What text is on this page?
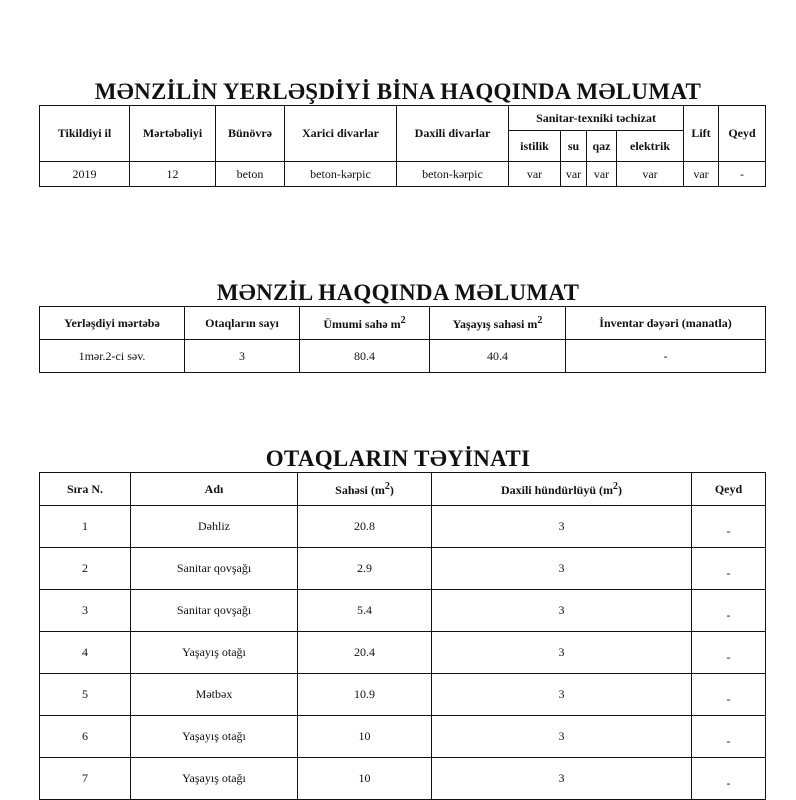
MƏNZİLİN YERLƏŞDİYİ BİNA HAQQINDA MƏLUMAT
Tikildiyi il	Mərtəbəliyi	Bünövrə	Xarici divarlar	Daxili divarlar	Sanitar-texniki təchizat				Lift	Qeyd
					istilik	su	qaz	elektrik		
2019	12	beton	beton-kərpic	beton-kərpic	var	var	var	var	var	-
MƏNZİL HAQQINDA MƏLUMAT
Yerləşdiyi mərtəbə	Otaqların sayı	Ümumi sahə $m^2$	Yaşayış sahəsi $m^2$	İnventar dəyəri (manatla)
1mər.2-ci səv.	3	80.4	40.4	-
OTAQLARIN TƏYİNATI
Sıra N.	Adı	Sahəsi $(m^2)$	Daxili hündürlüyü $(m^2)$	Qeyd
1	Dəhliz	20.8	3	-
2	Sanitar qovşağı	2.9	3	-
3	Sanitar qovşağı	5.4	3	-
4	Yaşayış otağı	20.4	3	-
5	Mətbəx	10.9	3	-
6	Yaşayış otağı	10	3	-
7	Yaşayış otağı	10	3	-
